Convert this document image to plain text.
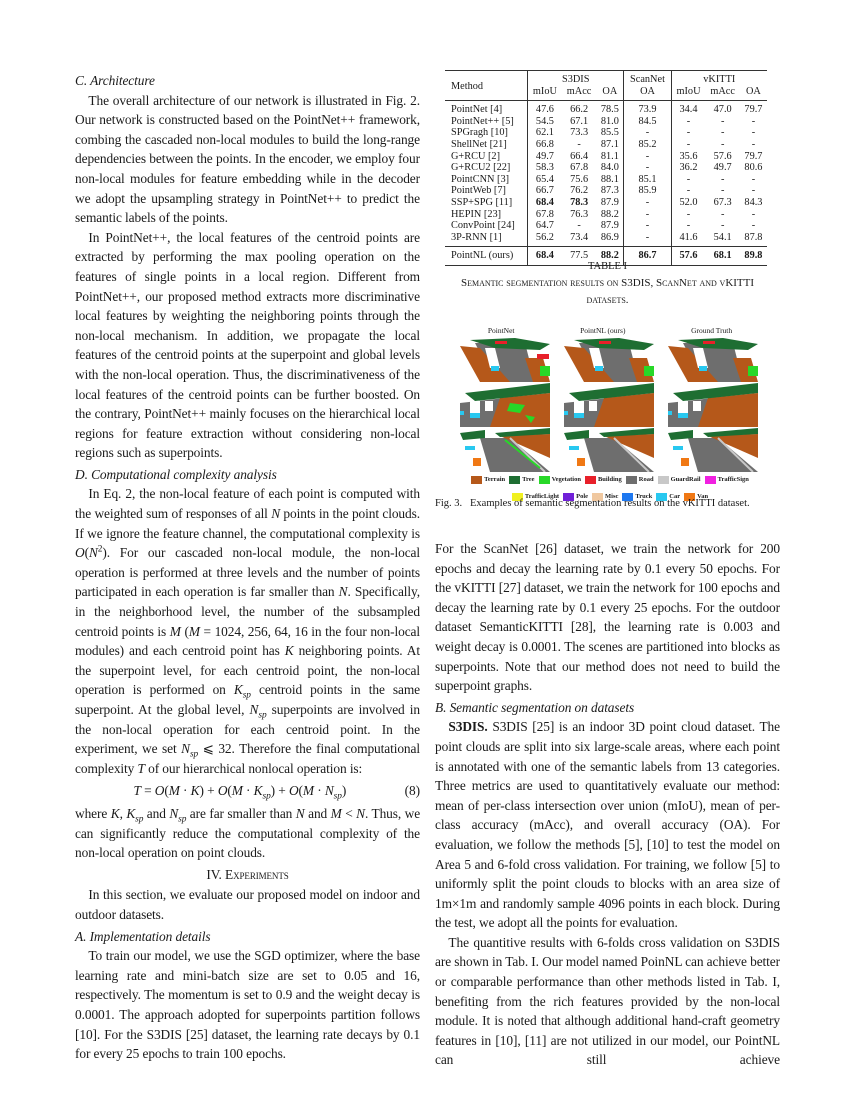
C. Architecture

The overall architecture of our network is illustrated in Fig. 2. Our network is constructed based on the PointNet++ framework, combing the cascaded non-local modules to build the long-range dependencies between the points. In the encoder, we employ four non-local modules for feature embedding while in the decoder we adopt the upsampling strategy in PointNet++ to predict the semantic labels of the points.

In PointNet++, the local features of the centroid points are extracted by performing the max pooling operation on the features of single points in a local region. Different from PointNet++, our proposed method extracts more discriminative local features by weighting the neighboring points through the non-local mechanism. In addition, we propagate the local features of the centroid points at the superpoint and global levels with the non-local operation. Thus, the discriminativeness of the local features of the centroid points can be further boosted. On the contrary, PointNet++ mainly focuses on the hierarchical local regions for feature extraction without considering non-local regions such as superpoints.

D. Computational complexity analysis

In Eq. 2, the non-local feature of each point is computed with the weighted sum of responses of all N points in the point clouds. If we ignore the feature channel, the computational complexity is $O(N^2)$. For our cascaded non-local module, the non-local operation is performed at three levels and the number of points participated in each operation is far smaller than N. Specifically, in the neighborhood level, the number of the subsampled centroid points is M (M = 1024, 256, 64, 16 in the four non-local modules) and each centroid point has K neighboring points. At the superpoint level, for each centroid point, the non-local operation is performed on $K_{sp}$ centroid points in the same superpoint. At the global level, $N_{sp}$ superpoints are involved in the non-local operation for each centroid point. In the experiment, we set $N_{sp}$ ⩽ 32. Therefore the final computational complexity T of our hierarchical nonlocal operation is:

$T = O(M \cdot K) + O(M \cdot K_{sp}) + O(M \cdot N_{sp})$	(8)

where K, $K_{sp}$ and $N_{sp}$ are far smaller than N and M < N. Thus, we can significantly reduce the computational complexity of the non-local operation on point clouds.

IV. Experiments

In this section, we evaluate our proposed model on indoor and outdoor datasets.

A. Implementation details

To train our model, we use the SGD optimizer, where the base learning rate and mini-batch size are set to 0.05 and 16, respectively. The momentum is set to 0.9 and the weight decay is 0.0001. The approach adopted for superpoints partition follows [10]. For the S3DIS [25] dataset, the learning rate decays by 0.1 for every 25 epochs to train 100 epochs.

For the ScanNet [26] dataset, we train the network for 200 epochs and decay the learning rate by 0.1 every 50 epochs. For the vKITTI [27] dataset, we train the network for 100 epochs and decay the learning rate by 0.1 every 25 epochs. For the outdoor dataset SemanticKITTI [28], the learning rate is 0.003 and weight decay is 0.0001. The scenes are partitioned into blocks as superpoints. Note that our method does not need to build the superpoint graphs.

B. Semantic segmentation on datasets

S3DIS. S3DIS [25] is an indoor 3D point cloud dataset. The point clouds are split into six large-scale areas, where each point is annotated with one of the semantic labels from 13 categories. Three metrics are used to quantitatively evaluate our method: mean of per-class intersection over union (mIoU), mean of per-class accuracy (mAcc), and overall accuracy (OA). For evaluation, we follow the methods [5], [10] to test the model on Area 5 and 6-fold cross validation. For training, we follow [5] to uniformly split the point clouds to blocks with an area size of 1m×1m and randomly sample 4096 points in each block. During the test, we adopt all the points for evaluation.

The quantitive results with 6-folds cross validation on S3DIS are shown in Tab. I. Our model named PoinNL can achieve better or comparable performance than other methods listed in Tab. I, benefiting from the rich features provided by the non-local module. It is noted that although additional hand-craft geometry features in [10], [11] are not utilized in our model, our PointNL can still achieve

Method	S3DIS			ScanNet	vKITTI		
	mIoU	mAcc	OA	OA	mIoU	mAcc	OA
PointNet [4]	47.6	66.2	78.5	73.9	34.4	47.0	79.7
PointNet++ [5]	54.5	67.1	81.0	84.5	-	-	-
SPGragh [10]	62.1	73.3	85.5	-	-	-	-
ShellNet [21]	66.8	-	87.1	85.2	-	-	-
G+RCU [2]	49.7	66.4	81.1	-	35.6	57.6	79.7
G+RCU2 [22]	58.3	67.8	84.0	-	36.2	49.7	80.6
PointCNN [3]	65.4	75.6	88.1	85.1	-	-	-
PointWeb [7]	66.7	76.2	87.3	85.9	-	-	-
SSP+SPG [11]	68.4	78.3	87.9	-	52.0	67.3	84.3
HEPIN [23]	67.8	76.3	88.2	-	-	-	-
ConvPoint [24]	64.7	-	87.9	-	-	-	-
3P-RNN [1]	56.2	73.4	86.9	-	41.6	54.1	87.8
PointNL (ours)	68.4	77.5	88.2	86.7	57.6	68.1	89.8
TABLE I
Semantic segmentation results on S3DIS, ScanNet and vKITTI datasets.
PointNet	PointNL (ours)	Ground Truth
Terrain	Tree	Vegetation	Building	Road	GuardRail	TrafficSign
TrafficLight	Pole	Misc	Truck	Car	Van
Fig. 3.   Examples of semantic segmentation results on the vKITTI dataset.
